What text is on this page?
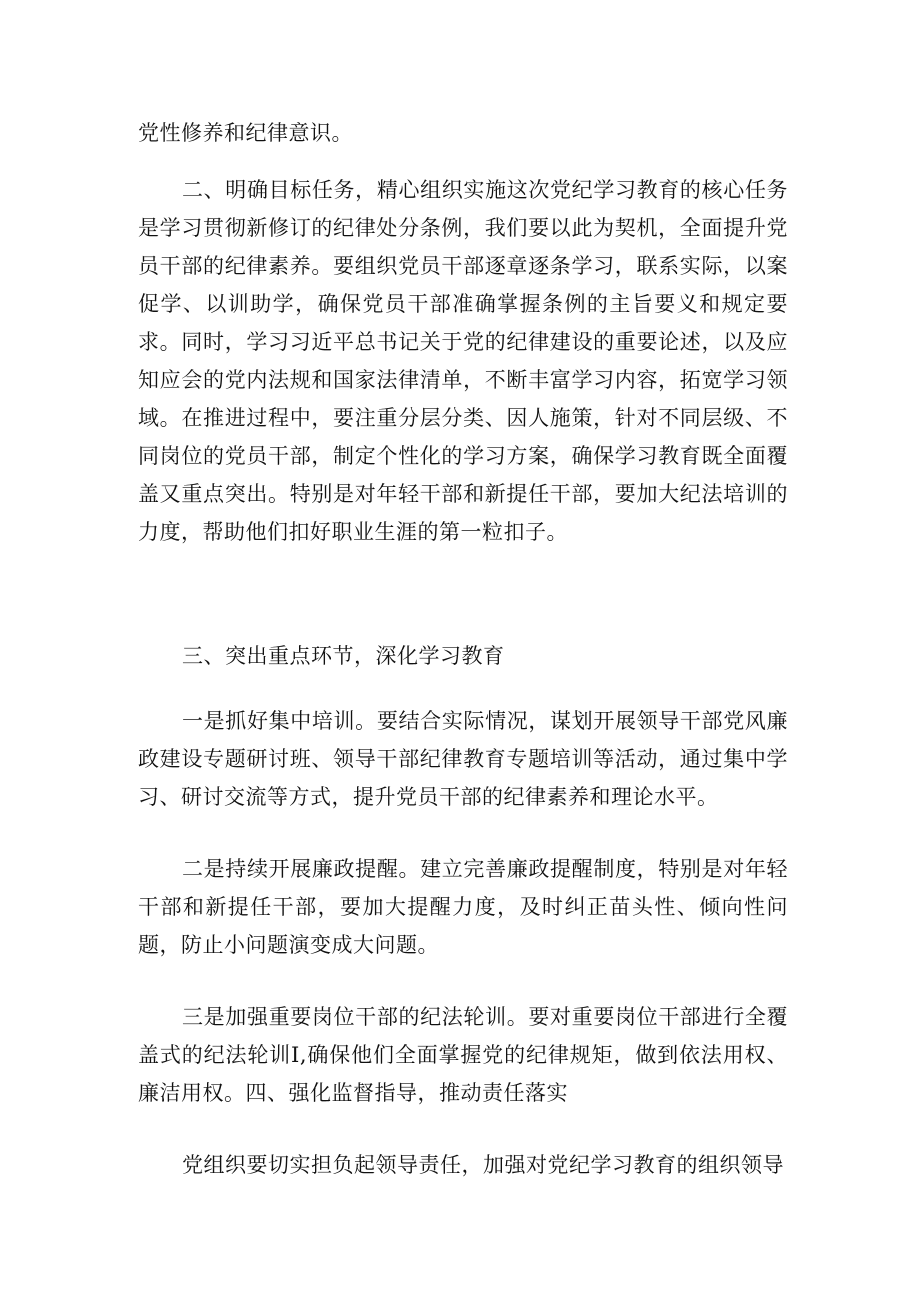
党性修养和纪律意识。

二、明确目标任务，精心组织实施这次党纪学习教育的核心任务是学习贯彻新修订的纪律处分条例，我们要以此为契机，全面提升党员干部的纪律素养。要组织党员干部逐章逐条学习，联系实际，以案促学、以训助学，确保党员干部准确掌握条例的主旨要义和规定要求。同时，学习习近平总书记关于党的纪律建设的重要论述，以及应知应会的党内法规和国家法律清单，不断丰富学习内容，拓宽学习领域。在推进过程中，要注重分层分类、因人施策，针对不同层级、不同岗位的党员干部，制定个性化的学习方案，确保学习教育既全面覆盖又重点突出。特别是对年轻干部和新提任干部，要加大纪法培训的力度，帮助他们扣好职业生涯的第一粒扣子。

三、突出重点环节，深化学习教育

一是抓好集中培训。要结合实际情况，谋划开展领导干部党风廉政建设专题研讨班、领导干部纪律教育专题培训等活动，通过集中学习、研讨交流等方式，提升党员干部的纪律素养和理论水平。

二是持续开展廉政提醒。建立完善廉政提醒制度，特别是对年轻干部和新提任干部，要加大提醒力度，及时纠正苗头性、倾向性问题，防止小问题演变成大问题。

三是加强重要岗位干部的纪法轮训。要对重要岗位干部进行全覆盖式的纪法轮训I,确保他们全面掌握党的纪律规矩，做到依法用权、廉洁用权。四、强化监督指导，推动责任落实

党组织要切实担负起领导责任，加强对党纪学习教育的组织领导
